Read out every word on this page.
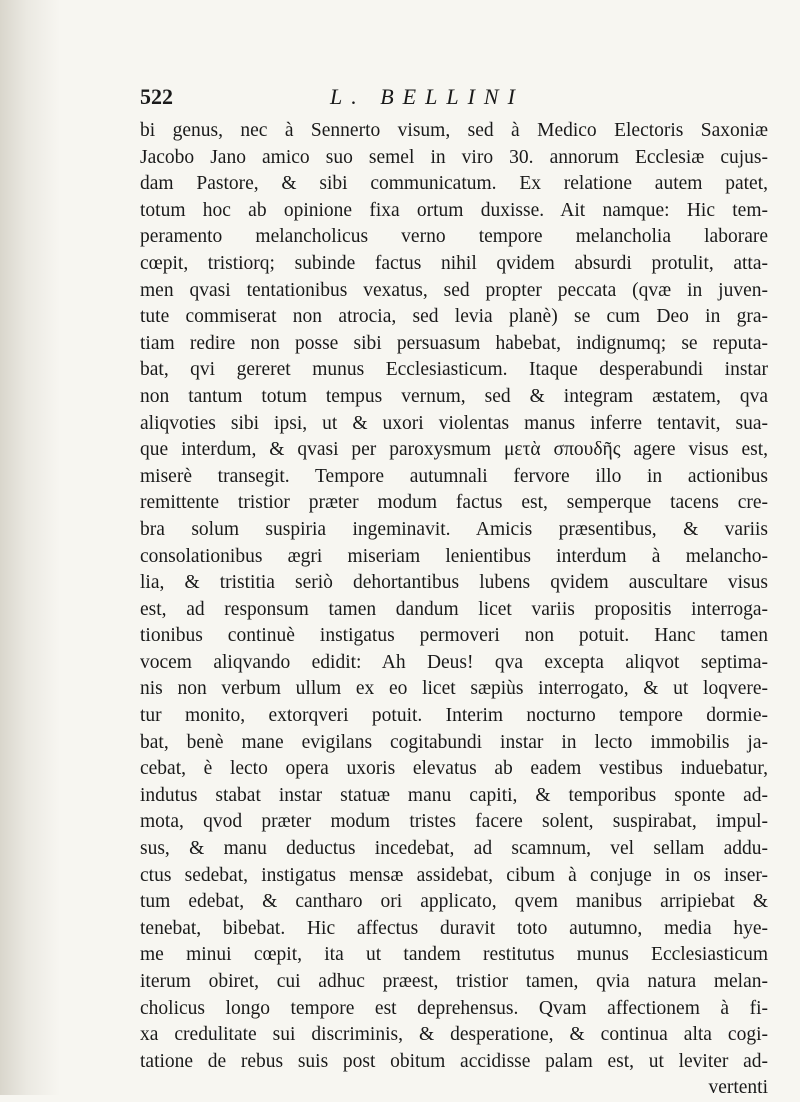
522	L. BELLINI
bi genus, nec à Sennerto visum, sed à Medico Electoris Saxoniæ
Jacobo Jano amico suo semel in viro 30. annorum Ecclesiæ cujus-
dam Pastore, & sibi communicatum. Ex relatione autem patet,
totum hoc ab opinione fixa ortum duxisse. Ait namque: Hic tem-
peramento melancholicus verno tempore melancholia laborare
cœpit, tristiorq; subinde factus nihil qvidem absurdi protulit, atta-
men qvasi tentationibus vexatus, sed propter peccata (qvæ in juven-
tute commiserat non atrocia, sed levia planè) se cum Deo in gra-
tiam redire non posse sibi persuasum habebat, indignumq; se reputa-
bat, qvi gereret munus Ecclesiasticum. Itaque desperabundi instar
non tantum totum tempus vernum, sed & integram æstatem, qva
aliqvoties sibi ipsi, ut & uxori violentas manus inferre tentavit, sua-
que interdum, & qvasi per paroxysmum μετὰ σπουδῆς agere visus est,
miserè transegit. Tempore autumnali fervore illo in actionibus
remittente tristior præter modum factus est, semperque tacens cre-
bra solum suspiria ingeminavit. Amicis præsentibus, & variis
consolationibus ægri miseriam lenientibus interdum à melancho-
lia, & tristitia seriò dehortantibus lubens qvidem auscultare visus
est, ad responsum tamen dandum licet variis propositis interroga-
tionibus continuè instigatus permoveri non potuit. Hanc tamen
vocem aliqvando edidit: Ah Deus! qva excepta aliqvot septima-
nis non verbum ullum ex eo licet sæpiùs interrogato, & ut loqvere-
tur monito, extorqveri potuit. Interim nocturno tempore dormie-
bat, benè mane evigilans cogitabundi instar in lecto immobilis ja-
cebat, è lecto opera uxoris elevatus ab eadem vestibus induebatur,
indutus stabat instar statuæ manu capiti, & temporibus sponte ad-
mota, qvod præter modum tristes facere solent, suspirabat, impul-
sus, & manu deductus incedebat, ad scamnum, vel sellam addu-
ctus sedebat, instigatus mensæ assidebat, cibum à conjuge in os inser-
tum edebat, & cantharo ori applicato, qvem manibus arripiebat &
tenebat, bibebat. Hic affectus duravit toto autumno, media hye-
me minui cœpit, ita ut tandem restitutus munus Ecclesiasticum
iterum obiret, cui adhuc præest, tristior tamen, qvia natura melan-
cholicus longo tempore est deprehensus. Qvam affectionem à fi-
xa credulitate sui discriminis, & desperatione, & continua alta cogi-
tatione de rebus suis post obitum accidisse palam est, ut leviter ad-
vertenti
